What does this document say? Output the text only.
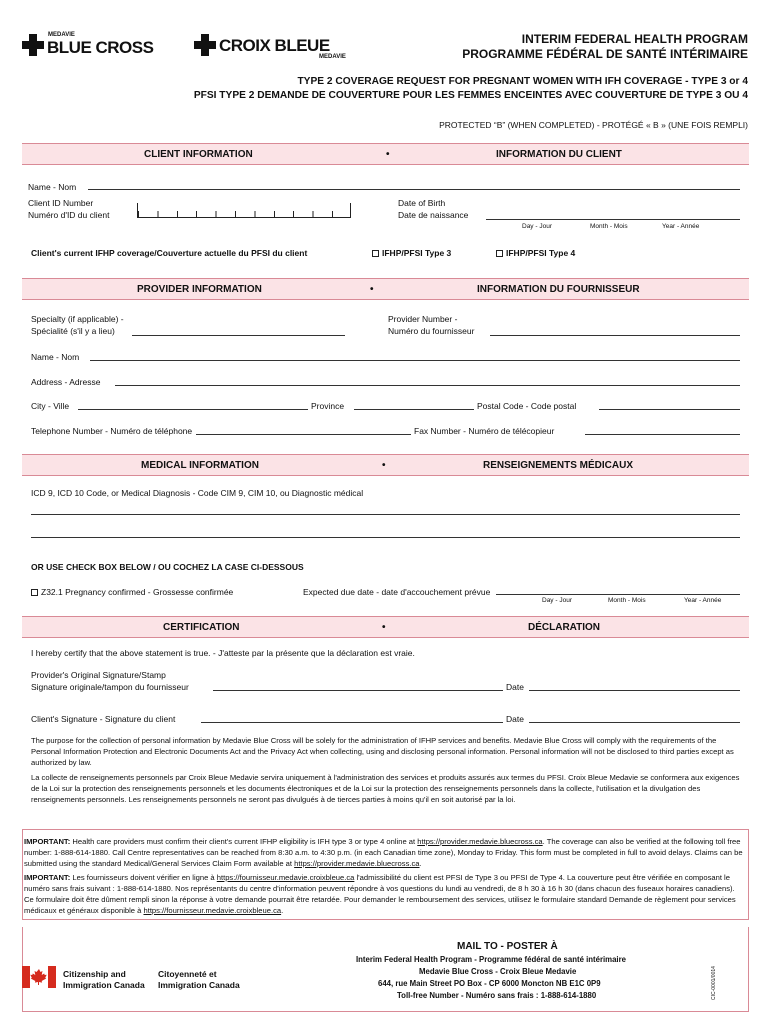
MEDAVIE
BLUE CROSS	CROIX BLEUE
MEDAVIE
INTERIM FEDERAL HEALTH PROGRAM
PROGRAMME FÉDÉRAL DE SANTÉ INTÉRIMAIRE
TYPE 2 COVERAGE REQUEST FOR PREGNANT WOMEN WITH IFH COVERAGE - TYPE 3 or 4
PFSI TYPE 2 DEMANDE DE COUVERTURE POUR LES FEMMES ENCEINTES AVEC COUVERTURE DE TYPE 3 OU 4
PROTECTED “B” (WHEN COMPLETED) - PROTÉGÉ « B » (UNE FOIS REMPLI)
CLIENT INFORMATION	•	INFORMATION DU CLIENT
Name - Nom
Client ID Number
Numéro d'ID du client
Date of Birth
Date de naissance
Day - Jour	Month - Mois	Year - Année
Client's current IFHP coverage/Couverture actuelle du PFSI du client	IFHP/PFSI Type 3	IFHP/PFSI Type 4
PROVIDER INFORMATION	•	INFORMATION DU FOURNISSEUR
Specialty (if applicable) -
Spécialité (s'il y a lieu)
Provider Number -
Numéro du fournisseur
Name - Nom
Address - Adresse
City - Ville	Province	Postal Code - Code postal
Telephone Number - Numéro de téléphone	Fax Number - Numéro de télécopieur
MEDICAL INFORMATION	•	RENSEIGNEMENTS MÉDICAUX
ICD 9, ICD 10 Code, or Medical Diagnosis - Code CIM 9, CIM 10, ou Diagnostic médical
OR USE CHECK BOX BELOW / OU COCHEZ LA CASE CI-DESSOUS
Z32.1 Pregnancy confirmed - Grossesse confirmée	Expected due date - date d'accouchement prévue
Day - Jour	Month - Mois	Year - Année
CERTIFICATION	•	DÉCLARATION
I hereby certify that the above statement is true. - J'atteste par la présente que la déclaration est vraie.
Provider's Original Signature/Stamp
Signature originale/tampon du fournisseur	Date
Client's Signature - Signature du client	Date
The purpose for the collection of personal information by Medavie Blue Cross will be solely for the administration of IFHP services and benefits. Medavie Blue Cross will comply with the requirements of the Personal Information Protection and Electronic Documents Act and the Privacy Act when collecting, using and disclosing personal information. Personal information will not be disclosed to third parties except as authorized by law.
La collecte de renseignements personnels par Croix Bleue Medavie servira uniquement à l'administration des services et produits assurés aux termes du PFSI. Croix Bleue Medavie se conformera aux exigences de la Loi sur la protection des renseignements personnels et les documents électroniques et de la Loi sur la protection des renseignements personnels dans la collecte, l'utilisation et la divulgation des renseignements personnels. Les renseignements personnels ne seront pas divulgués à de tierces parties à moins qu'il en soit autorisé par la loi.
IMPORTANT: Health care providers must confirm their client's current IFHP eligibility is IFH type 3 or type 4 online at https://provider.medavie.bluecross.ca. The coverage can also be verified at the following toll free number: 1-888-614-1880. Call Centre representatives can be reached from 8:30 a.m. to 4:30 p.m. (in each Canadian time zone), Monday to Friday. This form must be completed in full to avoid delays. Claims can be submitted using the standard Medical/General Services Claim Form available at https://provider.medavie.bluecross.ca.
IMPORTANT: Les fournisseurs doivent vérifier en ligne à https://fournisseur.medavie.croixbleue.ca l'admissibilité du client est PFSI de Type 3 ou PFSI de Type 4. La couverture peut être vérifiée en composant le numéro sans frais suivant : 1-888-614-1880. Nos représentants du centre d'information peuvent répondre à vos questions du lundi au vendredi, de 8 h 30 à 16 h 30 (dans chacun des fuseaux horaires canadiens). Ce formulaire doit être dûment rempli sinon la réponse à votre demande pourrait être retardée. Pour demander le remboursement des services, utilisez le formulaire standard Demande de règlement pour services médicaux et généraux disponible à https://fournisseur.medavie.croixbleue.ca.
Citizenship and
Immigration Canada
Citoyenneté et
Immigration Canada
MAIL TO - POSTER À
Interim Federal Health Program - Programme fédéral de santé intérimaire
Medavie Blue Cross - Croix Bleue Medavie
644, rue Main Street PO Box - CP 6000 Moncton NB E1C 0P9
Toll-free Number - Numéro sans frais : 1-888-614-1880	CIC-0001/0014
